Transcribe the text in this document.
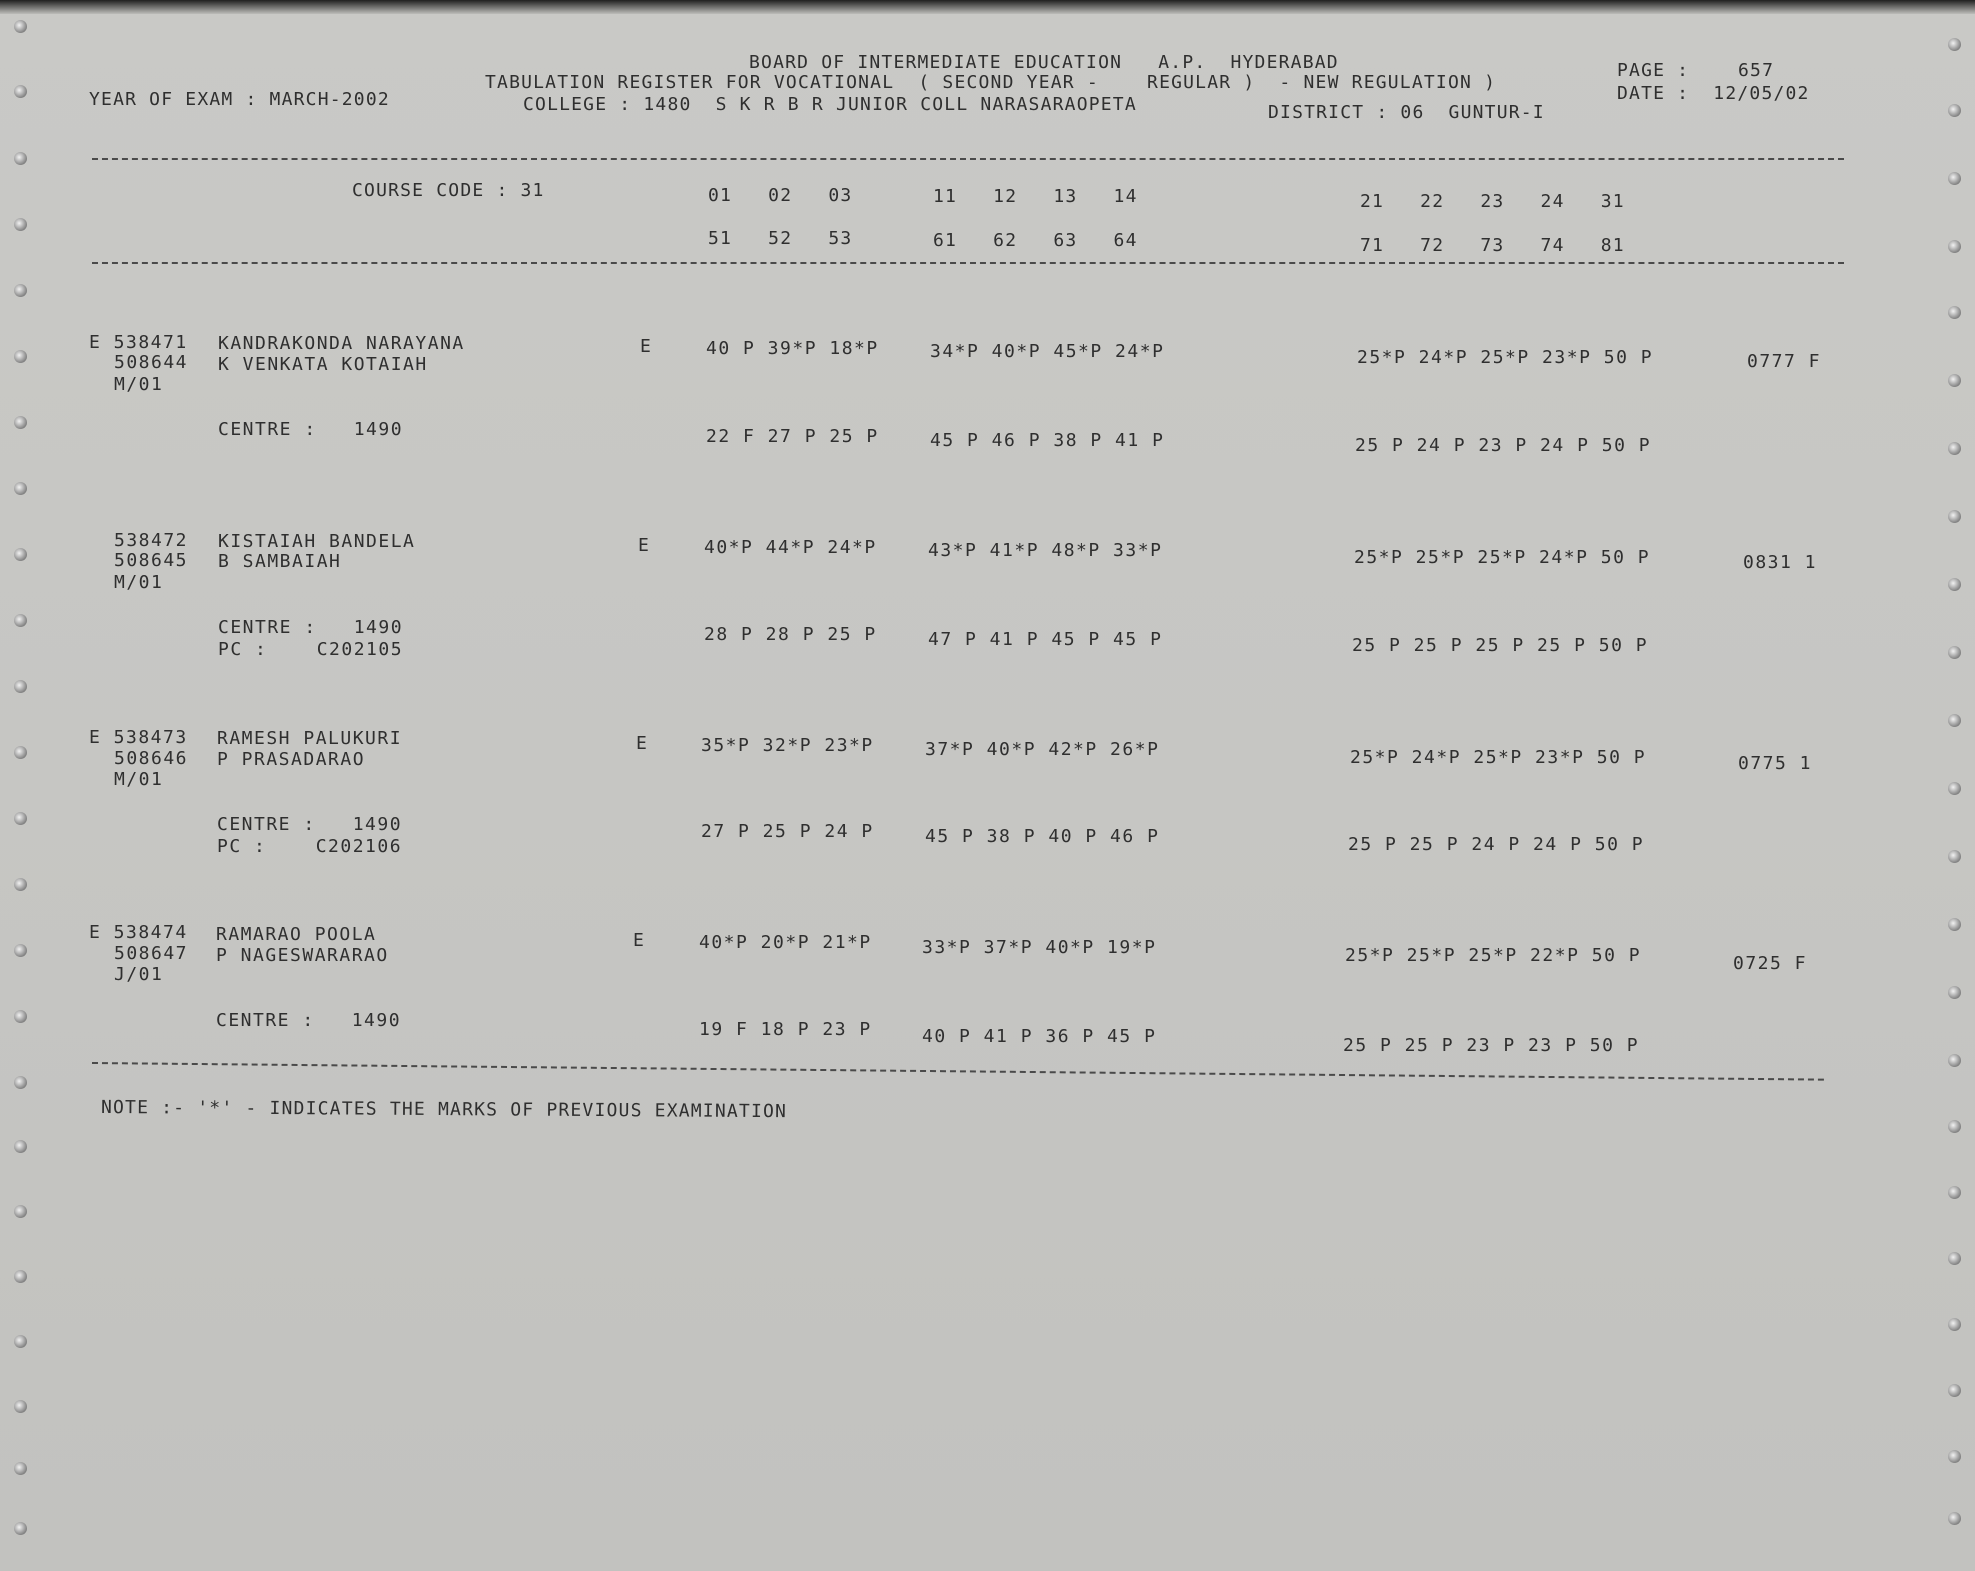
BOARD OF INTERMEDIATE EDUCATION   A.P.  HYDERABAD
TABULATION REGISTER FOR VOCATIONAL  ( SECOND YEAR -    REGULAR )  - NEW REGULATION )
COLLEGE : 1480  S K R B R JUNIOR COLL NARASARAOPETA	DISTRICT : 06  GUNTUR-I
YEAR OF EXAM : MARCH-2002
PAGE :	657
DATE :  12/05/02
COURSE CODE : 31	01   02   03	11   12   13   14	21   22   23   24   31
51   52   53	61   62   63   64	71   72   73   74   81
E 538471
508644
M/01
KANDRAKONDA NARAYANA
K VENKATA KOTAIAH
E	40 P 39*P 18*P	34*P 40*P 45*P 24*P	25*P 24*P 25*P 23*P 50 P	0777 F
CENTRE :   1490	22 F 27 P 25 P	45 P 46 P 38 P 41 P	25 P 24 P 23 P 24 P 50 P
538472
508645
M/01
KISTAIAH BANDELA
B SAMBAIAH
E	40*P 44*P 24*P	43*P 41*P 48*P 33*P	25*P 25*P 25*P 24*P 50 P	0831 1
CENTRE :   1490
PC :    C202105
28 P 28 P 25 P	47 P 41 P 45 P 45 P	25 P 25 P 25 P 25 P 50 P
E 538473
508646
M/01
RAMESH PALUKURI
P PRASADARAO
E	35*P 32*P 23*P	37*P 40*P 42*P 26*P	25*P 24*P 25*P 23*P 50 P	0775 1
CENTRE :   1490
PC :    C202106
27 P 25 P 24 P	45 P 38 P 40 P 46 P	25 P 25 P 24 P 24 P 50 P
E 538474
508647
J/01
RAMARAO POOLA
P NAGESWARARAO
E	40*P 20*P 21*P	33*P 37*P 40*P 19*P	25*P 25*P 25*P 22*P 50 P	0725 F
CENTRE :   1490	19 F 18 P 23 P	40 P 41 P 36 P 45 P	25 P 25 P 23 P 23 P 50 P
NOTE :- '*' - INDICATES THE MARKS OF PREVIOUS EXAMINATION
